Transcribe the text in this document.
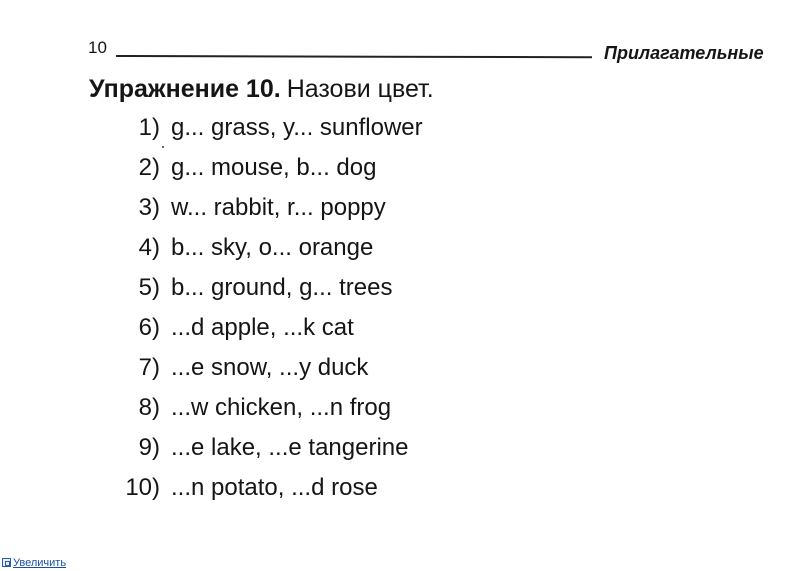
10	Прилагательные
Упражнение 10. Назови цвет.
1) g... grass, y... sunflower
2) g... mouse, b... dog
3) w... rabbit, r... poppy
4) b... sky, o... orange
5) b... ground, g... trees
6) ...d apple, ...k cat
7) ...e snow, ...y duck
8) ...w chicken, ...n frog
9) ...e lake, ...e tangerine
10) ...n potato, ...d rose
Увеличить
